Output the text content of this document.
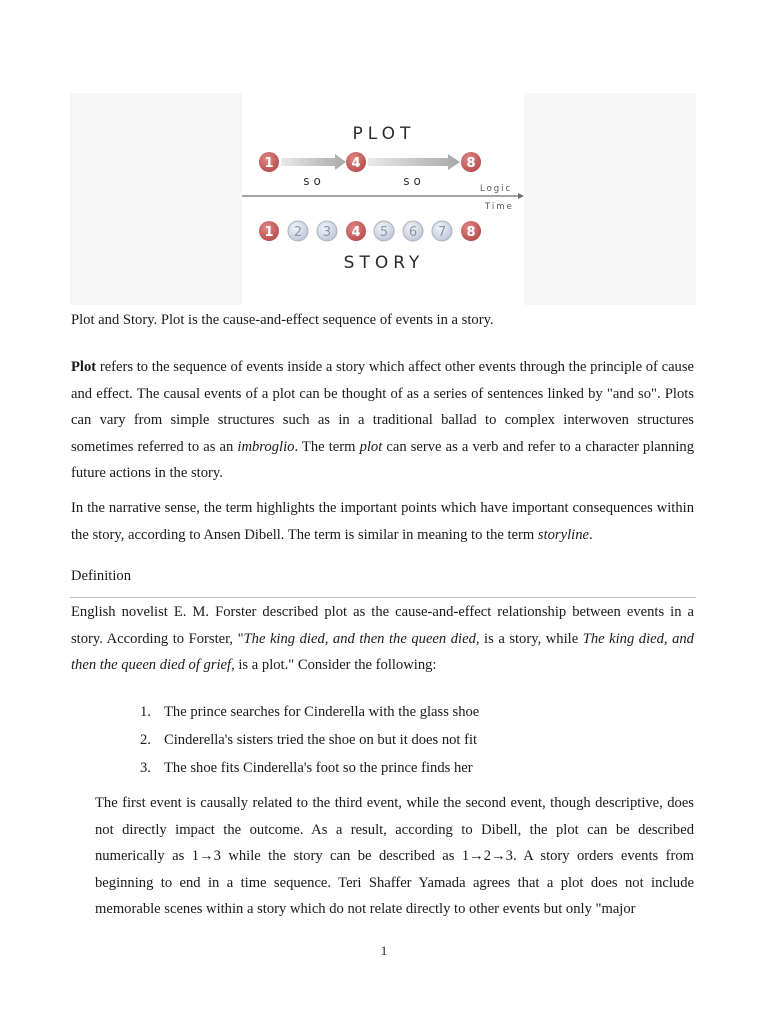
PLOT
1	4	8
so	so
Logic
Time
1 2 3 4 5 6 7 8
STORY

Plot and Story. Plot is the cause-and-effect sequence of events in a story.

Plot refers to the sequence of events inside a story which affect other events through the principle of cause and effect. The causal events of a plot can be thought of as a series of sentences linked by "and so". Plots can vary from simple structures such as in a traditional ballad to complex interwoven structures sometimes referred to as an imbroglio. The term plot can serve as a verb and refer to a character planning future actions in the story.

In the narrative sense, the term highlights the important points which have important consequences within the story, according to Ansen Dibell. The term is similar in meaning to the term storyline.

Definition

English novelist E. M. Forster described plot as the cause-and-effect relationship between events in a story. According to Forster, "The king died, and then the queen died, is a story, while The king died, and then the queen died of grief, is a plot." Consider the following:

1. The prince searches for Cinderella with the glass shoe
2. Cinderella's sisters tried the shoe on but it does not fit
3. The shoe fits Cinderella's foot so the prince finds her

The first event is causally related to the third event, while the second event, though descriptive, does not directly impact the outcome. As a result, according to Dibell, the plot can be described numerically as 1→3 while the story can be described as 1→2→3. A story orders events from beginning to end in a time sequence. Teri Shaffer Yamada agrees that a plot does not include memorable scenes within a story which do not relate directly to other events but only "major

1
